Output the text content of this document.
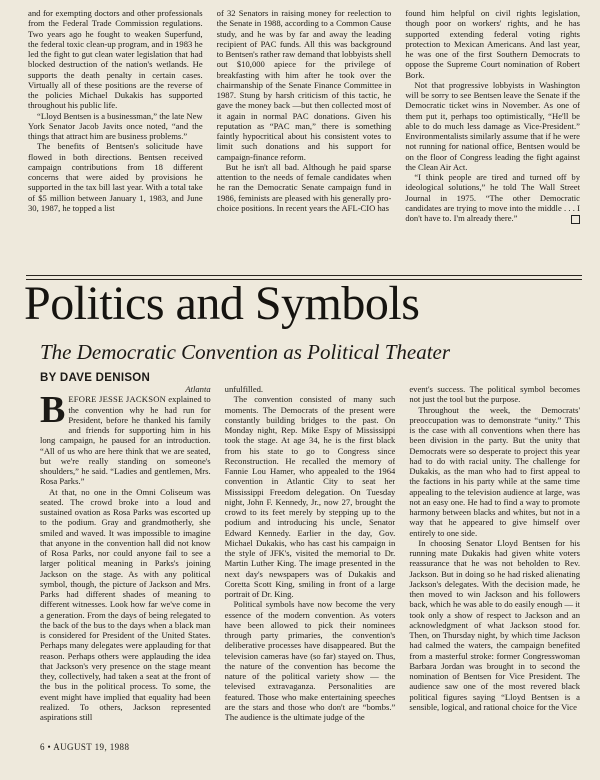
and for exempting doctors and other professionals from the Federal Trade Commission regulations. Two years ago he fought to weaken Superfund, the federal toxic clean-up program, and in 1983 he led the fight to gut clean water legislation that had blocked destruction of the nation's wetlands. He supports the death penalty in certain cases. Virtually all of these positions are the reverse of the policies Michael Dukakis has supported throughout his public life.

“Lloyd Bentsen is a businessman,” the late New York Senator Jacob Javits once noted, “and the things that attract him are business problems.”

The benefits of Bentsen's solicitude have flowed in both directions. Bentsen received campaign contributions from 18 different concerns that were aided by provisions he supported in the tax bill last year. With a total take of $5 million between January 1, 1983, and June 30, 1987, he topped a list

of 32 Senators in raising money for reelection to the Senate in 1988, according to a Common Cause study, and he was by far and away the leading recipient of PAC funds. All this was background to Bentsen's rather raw demand that lobbyists shell out $10,000 apiece for the privilege of breakfasting with him after he took over the chairmanship of the Senate Finance Committee in 1987. Stung by harsh criticism of this tactic, he gave the money back —but then collected most of it again in normal PAC donations. Given his reputation as “PAC man,” there is something faintly hypocritical about his consistent votes to limit such donations and his support for campaign-finance reform.

But he isn't all bad. Although he paid sparse attention to the needs of female candidates when he ran the Democratic Senate campaign fund in 1986, feminists are pleased with his generally pro-choice positions. In recent years the AFL-CIO has

found him helpful on civil rights legislation, though poor on workers' rights, and he has supported extending federal voting rights protection to Mexican Americans. And last year, he was one of the first Southern Democrats to oppose the Supreme Court nomination of Robert Bork.

Not that progressive lobbyists in Washington will be sorry to see Bentsen leave the Senate if the Democratic ticket wins in November. As one of them put it, perhaps too optimistically, “He'll be able to do much less damage as Vice-President.” Environmentalists similarly assume that if he were not running for national office, Bentsen would be on the floor of Congress leading the fight against the Clean Air Act.

“I think people are tired and turned off by ideological solutions,” he told The Wall Street Journal in 1975. “The other Democratic candidates are trying to move into the middle . . . I don't have to. I'm already there.”

Politics and Symbols
The Democratic Convention as Political Theater

BY DAVE DENISON

Atlanta

BEFORE JESSE JACKSON explained to the convention why he had run for President, before he thanked his family and friends for supporting him in his long campaign, he paused for an introduction. “All of us who are here think that we are seated, but we're really standing on someone's shoulders,” he said. “Ladies and gentlemen, Mrs. Rosa Parks.”

At that, no one in the Omni Coliseum was seated. The crowd broke into a loud and sustained ovation as Rosa Parks was escorted up to the podium. Gray and grandmotherly, she smiled and waved. It was impossible to imagine that anyone in the convention hall did not know of Rosa Parks, nor could anyone fail to see a larger political meaning in Parks's joining Jackson on the stage. As with any political symbol, though, the picture of Jackson and Mrs. Parks had different shades of meaning to different witnesses. Look how far we've come in a generation. From the days of being relegated to the back of the bus to the days when a black man is considered for President of the United States. Perhaps many delegates were applauding for that reason. Perhaps others were applauding the idea that Jackson's very presence on the stage meant they, collectively, had taken a seat at the front of the bus in the political process. To some, the event might have implied that equality had been realized. To others, Jackson represented aspirations still

unfulfilled.

The convention consisted of many such moments. The Democrats of the present were constantly building bridges to the past. On Monday night, Rep. Mike Espy of Mississippi took the stage. At age 34, he is the first black from his state to go to Congress since Reconstruction. He recalled the memory of Fannie Lou Hamer, who appealed to the 1964 convention in Atlantic City to seat her Mississippi Freedom delegation. On Tuesday night, John F. Kennedy, Jr., now 27, brought the crowd to its feet merely by stepping up to the podium and introducing his uncle, Senator Edward Kennedy. Earlier in the day, Gov. Michael Dukakis, who has cast his campaign in the style of JFK's, visited the memorial to Dr. Martin Luther King. The image presented in the next day's newspapers was of Dukakis and Coretta Scott King, smiling in front of a large portrait of Dr. King.

Political symbols have now become the very essence of the modern convention. As voters have been allowed to pick their nominees through party primaries, the convention's deliberative processes have disappeared. But the television cameras have (so far) stayed on. Thus, the nature of the convention has become the nature of the political variety show — the televised extravaganza. Personalities are featured. Those who make entertaining speeches are the stars and those who don't are “bombs.” The audience is the ultimate judge of the

event's success. The political symbol becomes not just the tool but the purpose.

Throughout the week, the Democrats' preoccupation was to demonstrate “unity.” This is the case with all conventions when there has been division in the party. But the unity that Democrats were so desperate to project this year had to do with racial unity. The challenge for Dukakis, as the man who had to first appeal to the factions in his party while at the same time appealing to the television audience at large, was not an easy one. He had to find a way to promote harmony between blacks and whites, but not in a way that he appeared to give himself over entirely to one side.

In choosing Senator Lloyd Bentsen for his running mate Dukakis had given white voters reassurance that he was not beholden to Rev. Jackson. But in doing so he had risked alienating Jackson's delegates. With the decision made, he then moved to win Jackson and his followers back, which he was able to do easily enough — it took only a show of respect to Jackson and an acknowledgment of what Jackson stood for. Then, on Thursday night, by which time Jackson had calmed the waters, the campaign benefited from a masterful stroke: former Congresswoman Barbara Jordan was brought in to second the nomination of Bentsen for Vice President. The audience saw one of the most revered black political figures saying “Lloyd Bentsen is a sensible, logical, and rational choice for the Vice

6 • AUGUST 19, 1988
